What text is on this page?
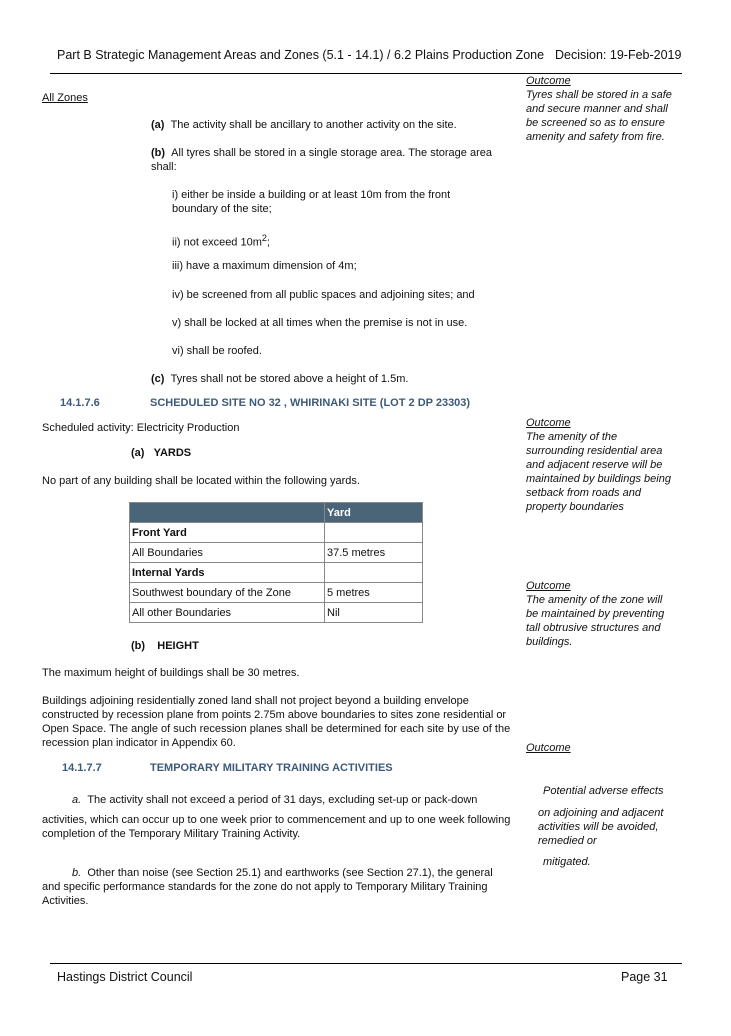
Part B Strategic Management Areas and Zones (5.1 - 14.1) / 6.2 Plains Production Zone Decision: 19-Feb-2019
Outcome
Tyres shall be stored in a safe and secure manner and shall be screened so as to ensure amenity and safety from fire.
All Zones
(a) The activity shall be ancillary to another activity on the site.
(b) All tyres shall be stored in a single storage area. The storage area shall:
i) either be inside a building or at least 10m from the front boundary of the site;
ii) not exceed $10m^2$;
iii) have a maximum dimension of 4m;
iv) be screened from all public spaces and adjoining sites; and
v) shall be locked at all times when the premise is not in use.
vi) shall be roofed.
(c) Tyres shall not be stored above a height of 1.5m.
14.1.7.6	SCHEDULED SITE NO 32 , WHIRINAKI SITE (LOT 2 DP 23303)
Outcome
The amenity of the surrounding residential area and adjacent reserve will be maintained by buildings being setback from roads and property boundaries
Scheduled activity: Electricity Production
(a) YARDS
No part of any building shall be located within the following yards.
	Yard
Front Yard	
All Boundaries	37.5 metres
Internal Yards	
Southwest boundary of the Zone	5 metres
All other Boundaries	Nil
Outcome
The amenity of the zone will be maintained by preventing tall obtrusive structures and buildings.
(b) HEIGHT
The maximum height of buildings shall be 30 metres.
Buildings adjoining residentially zoned land shall not project beyond a building envelope constructed by recession plane from points 2.75m above boundaries to sites zone residential or Open Space. The angle of such recession planes shall be determined for each site by use of the recession plan indicator in Appendix 60.	Outcome
14.1.7.7	TEMPORARY MILITARY TRAINING ACTIVITIES
Potential adverse effects
a. The activity shall not exceed a period of 31 days, excluding set-up or pack-down
on adjoining and adjacent activities will be avoided, remedied or
activities, which can occur up to one week prior to commencement and up to one week following completion of the Temporary Military Training Activity.
mitigated.
b. Other than noise (see Section 25.1) and earthworks (see Section 27.1), the general
and specific performance standards for the zone do not apply to Temporary Military Training Activities.
Hastings District Council	Page 31
